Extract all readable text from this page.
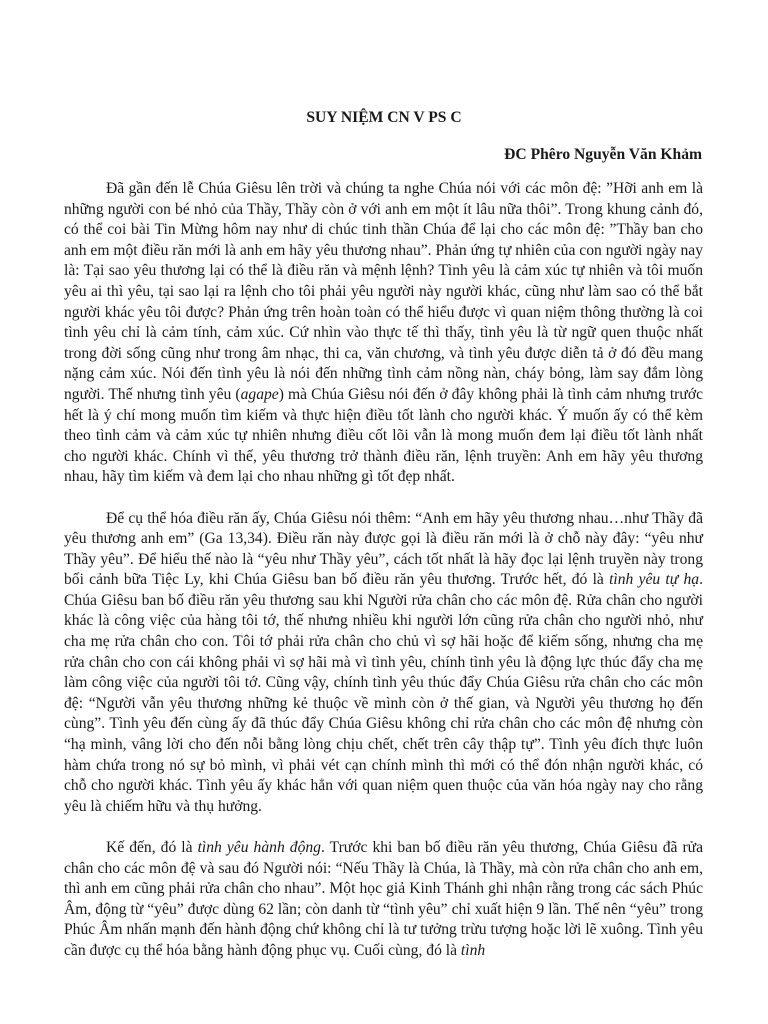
SUY NIỆM CN V PS C
ĐC Phêro Nguyễn Văn Khảm

Đã gần đến lễ Chúa Giêsu lên trời và chúng ta nghe Chúa nói với các môn đệ: ”Hỡi anh em là những người con bé nhỏ của Thầy, Thầy còn ở với anh em một ít lâu nữa thôi”. Trong khung cảnh đó, có thể coi bài Tin Mừng hôm nay như di chúc tinh thần Chúa để lại cho các môn đệ: ”Thầy ban cho anh em một điều răn mới là anh em hãy yêu thương nhau”. Phản ứng tự nhiên của con người ngày nay là: Tại sao yêu thương lại có thể là điều răn và mệnh lệnh? Tình yêu là cảm xúc tự nhiên và tôi muốn yêu ai thì yêu, tại sao lại ra lệnh cho tôi phải yêu người này người khác, cũng như làm sao có thể bắt người khác yêu tôi được? Phản ứng trên hoàn toàn có thể hiểu được vì quan niệm thông thường là coi tình yêu chỉ là cảm tính, cảm xúc. Cứ nhìn vào thực tế thì thấy, tình yêu là từ ngữ quen thuộc nhất trong đời sống cũng như trong âm nhạc, thi ca, văn chương, và tình yêu được diễn tả ở đó đều mang nặng cảm xúc. Nói đến tình yêu là nói đến những tình cảm nồng nàn, cháy bỏng, làm say đắm lòng người. Thế nhưng tình yêu (agape) mà Chúa Giêsu nói đến ở đây không phải là tình cảm nhưng trước hết là ý chí mong muốn tìm kiếm và thực hiện điều tốt lành cho người khác. Ý muốn ấy có thể kèm theo tình cảm và cảm xúc tự nhiên nhưng điều cốt lõi vẫn là mong muốn đem lại điều tốt lành nhất cho người khác. Chính vì thế, yêu thương trở thành điều răn, lệnh truyền: Anh em hãy yêu thương nhau, hãy tìm kiếm và đem lại cho nhau những gì tốt đẹp nhất.

Để cụ thể hóa điều răn ấy, Chúa Giêsu nói thêm: “Anh em hãy yêu thương nhau…như Thầy đã yêu thương anh em” (Ga 13,34). Điều răn này được gọi là điều răn mới là ở chỗ này đây: “yêu như Thầy yêu”. Để hiểu thế nào là “yêu như Thầy yêu”, cách tốt nhất là hãy đọc lại lệnh truyền này trong bối cảnh bữa Tiệc Ly, khi Chúa Giêsu ban bố điều răn yêu thương. Trước hết, đó là tình yêu tự hạ. Chúa Giêsu ban bố điều răn yêu thương sau khi Người rửa chân cho các môn đệ. Rửa chân cho người khác là công việc của hàng tôi tớ, thế nhưng nhiều khi người lớn cũng rửa chân cho người nhỏ, như cha mẹ rửa chân cho con. Tôi tớ phải rửa chân cho chủ vì sợ hãi hoặc để kiếm sống, nhưng cha mẹ rửa chân cho con cái không phải vì sợ hãi mà vì tình yêu, chính tình yêu là động lực thúc đẩy cha mẹ làm công việc của người tôi tớ. Cũng vậy, chính tình yêu thúc đẩy Chúa Giêsu rửa chân cho các môn đệ: “Người vẫn yêu thương những kẻ thuộc về mình còn ở thế gian, và Người yêu thương họ đến cùng”. Tình yêu đến cùng ấy đã thúc đẩy Chúa Giêsu không chỉ rửa chân cho các môn đệ nhưng còn “hạ mình, vâng lời cho đến nỗi bằng lòng chịu chết, chết trên cây thập tự”. Tình yêu đích thực luôn hàm chứa trong nó sự bỏ mình, vì phải vét cạn chính mình thì mới có thể đón nhận người khác, có chỗ cho người khác. Tình yêu ấy khác hẳn với quan niệm quen thuộc của văn hóa ngày nay cho rằng yêu là chiếm hữu và thụ hưởng.

Kế đến, đó là tình yêu hành động. Trước khi ban bố điều răn yêu thương, Chúa Giêsu đã rửa chân cho các môn đệ và sau đó Người nói: “Nếu Thầy là Chúa, là Thầy, mà còn rửa chân cho anh em, thì anh em cũng phải rửa chân cho nhau”. Một học giả Kinh Thánh ghi nhận rằng trong các sách Phúc Âm, động từ “yêu” được dùng 62 lần; còn danh từ “tình yêu” chỉ xuất hiện 9 lần. Thế nên “yêu” trong Phúc Âm nhấn mạnh đến hành động chứ không chỉ là tư tưởng trừu tượng hoặc lời lẽ xuông. Tình yêu cần được cụ thể hóa bằng hành động phục vụ. Cuối cùng, đó là tình
